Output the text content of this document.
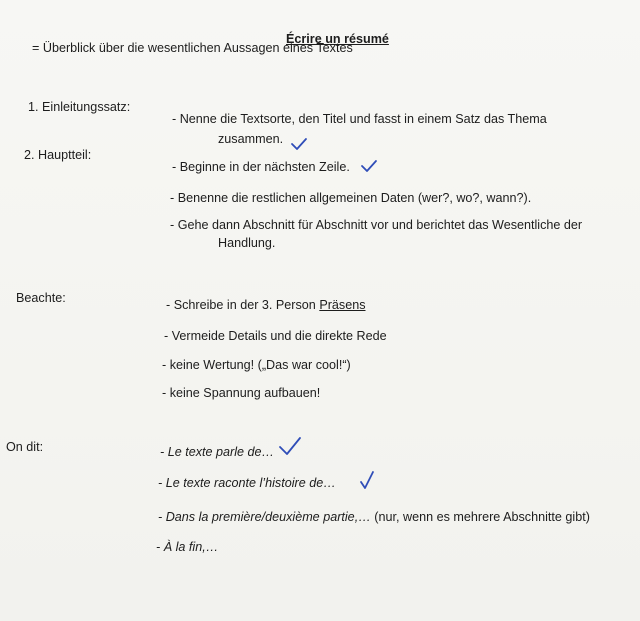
Écrire un résumé
= Überblick über die wesentlichen Aussagen eines Textes
1. Einleitungssatz:
- Nenne die Textsorte, den Titel und fasst in einem Satz das Thema
zusammen.
2. Hauptteil:
- Beginne in der nächsten Zeile.
- Benenne die restlichen allgemeinen Daten (wer?, wo?, wann?).
- Gehe dann Abschnitt für Abschnitt vor und berichtet das Wesentliche der
Handlung.
Beachte:	- Schreibe in der 3. Person Präsens
- Vermeide Details und die direkte Rede
- keine Wertung! („Das war cool!“)
- keine Spannung aufbauen!
On dit:	- Le texte parle de…
- Le texte raconte l’histoire de…
- Dans la première/deuxième partie,… (nur, wenn es mehrere Abschnitte gibt)
- À la fin,…
